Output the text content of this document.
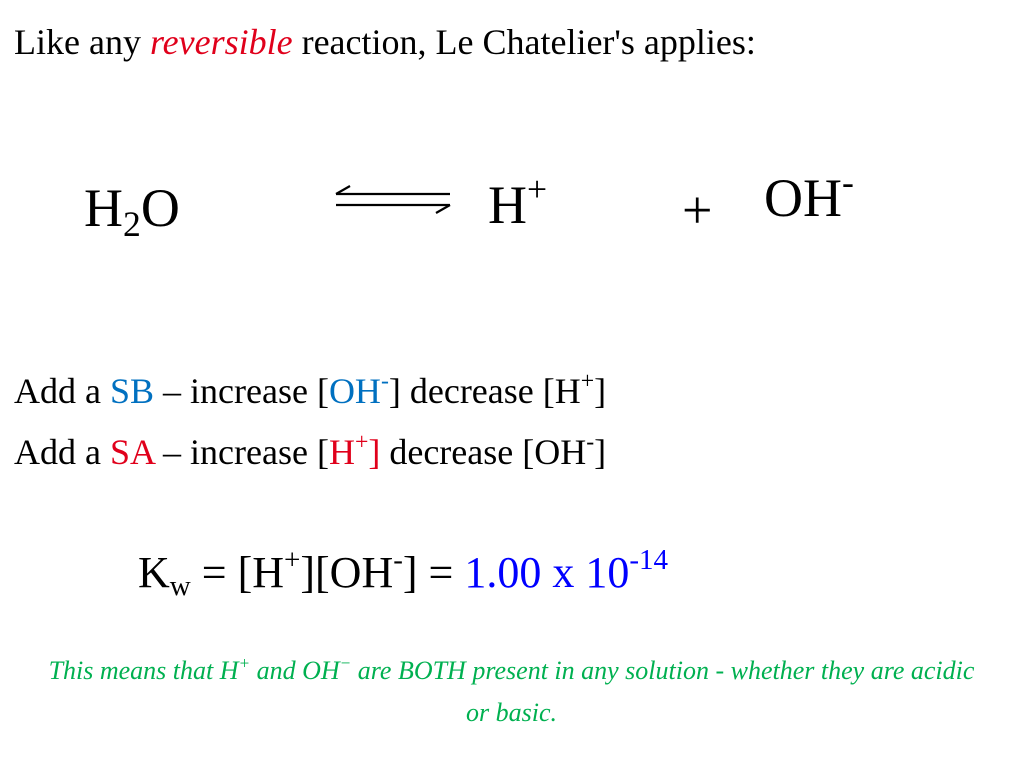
Like any reversible reaction, Le Chatelier's applies:
$H_2O$	H+ + OH-
Add a SB – increase [OH-] decrease [H+]
Add a SA – increase [H+] decrease [OH-]
$K_w = [H^+][OH^-] = 1.00$ x $10^{-14}$
This means that H+ and OH− are BOTH present in any solution - whether they are acidic or basic.
